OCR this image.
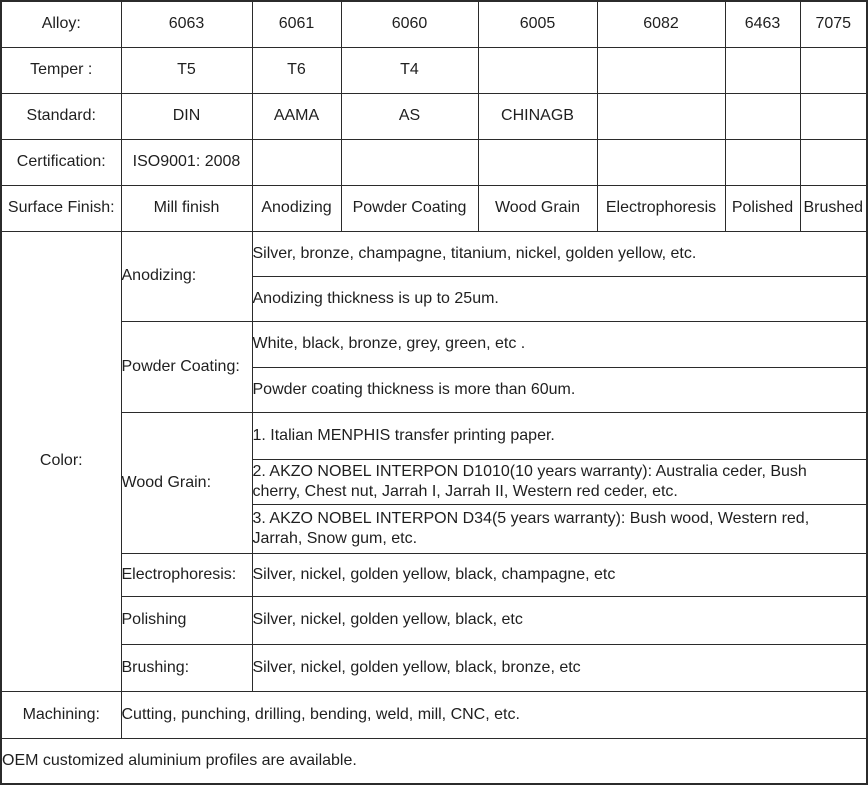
Alloy:	6063	6061	6060	6005	6082	6463	7075
Temper :	T5	T6	T4				
Standard:	DIN	AAMA	AS	CHINAGB			
Certification:	ISO9001: 2008						
Surface Finish:	Mill finish	Anodizing	Powder Coating	Wood Grain	Electrophoresis	Polished	Brushed
Color:	Anodizing:	Silver, bronze, champagne, titanium, nickel, golden yellow, etc.					
		Anodizing thickness is up to 25um.					
	Powder Coating:	White, black, bronze, grey, green, etc .					
		Powder coating thickness is more than 60um.					
	Wood Grain:	1. Italian MENPHIS transfer printing paper.					

		2. AKZO NOBEL INTERPON D1010(10 years warranty): Australia ceder, Bush
cherry, Chest nut, Jarrah I, Jarrah II, Western red ceder, etc.					

		3. AKZO NOBEL INTERPON D34(5 years warranty): Bush wood, Western red,
Jarrah, Snow gum, etc.					

	Electrophoresis:	Silver, nickel, golden yellow, black, champagne, etc					
	Polishing	Silver, nickel, golden yellow, black, etc					
	Brushing:	Silver, nickel, golden yellow, black, bronze, etc					
Machining:	Cutting, punching, drilling, bending, weld, mill, CNC, etc.						
OEM customized aluminium profiles are available.							
